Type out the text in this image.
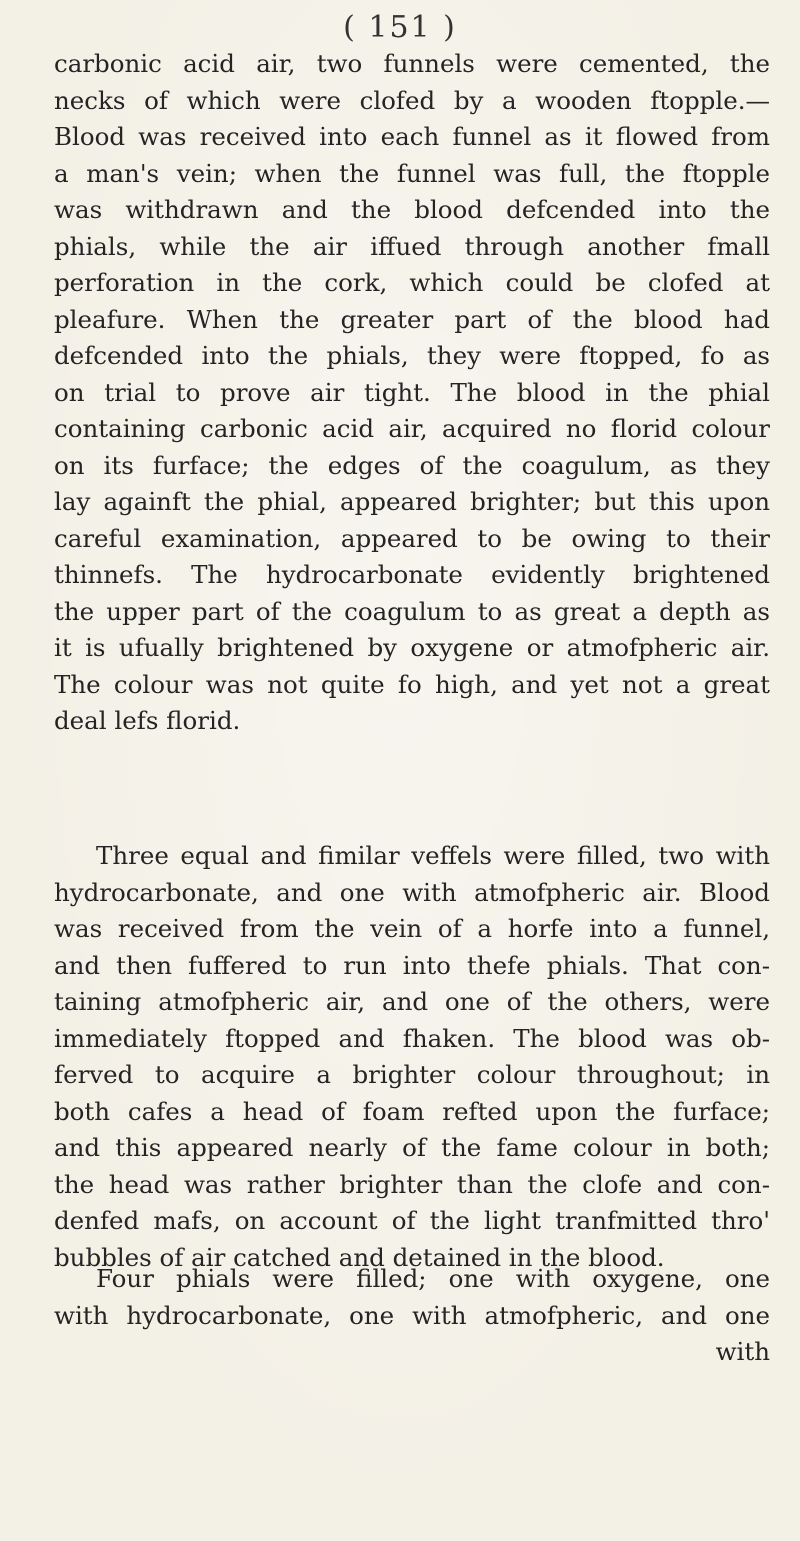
( 151 )
carbonic acid air, two funnels were cemented, the
necks of which were clofed by a wooden ftopple.—
Blood was received into each funnel as it flowed from
a man's vein; when the funnel was full, the ftopple
was withdrawn and the blood defcended into the
phials, while the air iffued through another fmall
perforation in the cork, which could be clofed at
pleafure. When the greater part of the blood had
defcended into the phials, they were ftopped, fo as
on trial to prove air tight. The blood in the phial
containing carbonic acid air, acquired no florid colour
on its furface; the edges of the coagulum, as they
lay againft the phial, appeared brighter; but this upon
careful examination, appeared to be owing to their
thinnefs. The hydrocarbonate evidently brightened
the upper part of the coagulum to as great a depth as
it is ufually brightened by oxygene or atmofpheric air.
The colour was not quite fo high, and yet not a great
deal lefs florid.
Three equal and fimilar veffels were filled, two with
hydrocarbonate, and one with atmofpheric air. Blood
was received from the vein of a horfe into a funnel,
and then fuffered to run into thefe phials. That con-
taining atmofpheric air, and one of the others, were
immediately ftopped and fhaken. The blood was ob-
ferved to acquire a brighter colour throughout; in
both cafes a head of foam refted upon the furface;
and this appeared nearly of the fame colour in both;
the head was rather brighter than the clofe and con-
denfed mafs, on account of the light tranfmitted thro'
bubbles of air catched and detained in the blood.
Four phials were filled; one with oxygene, one
with hydrocarbonate, one with atmofpheric, and one
with
